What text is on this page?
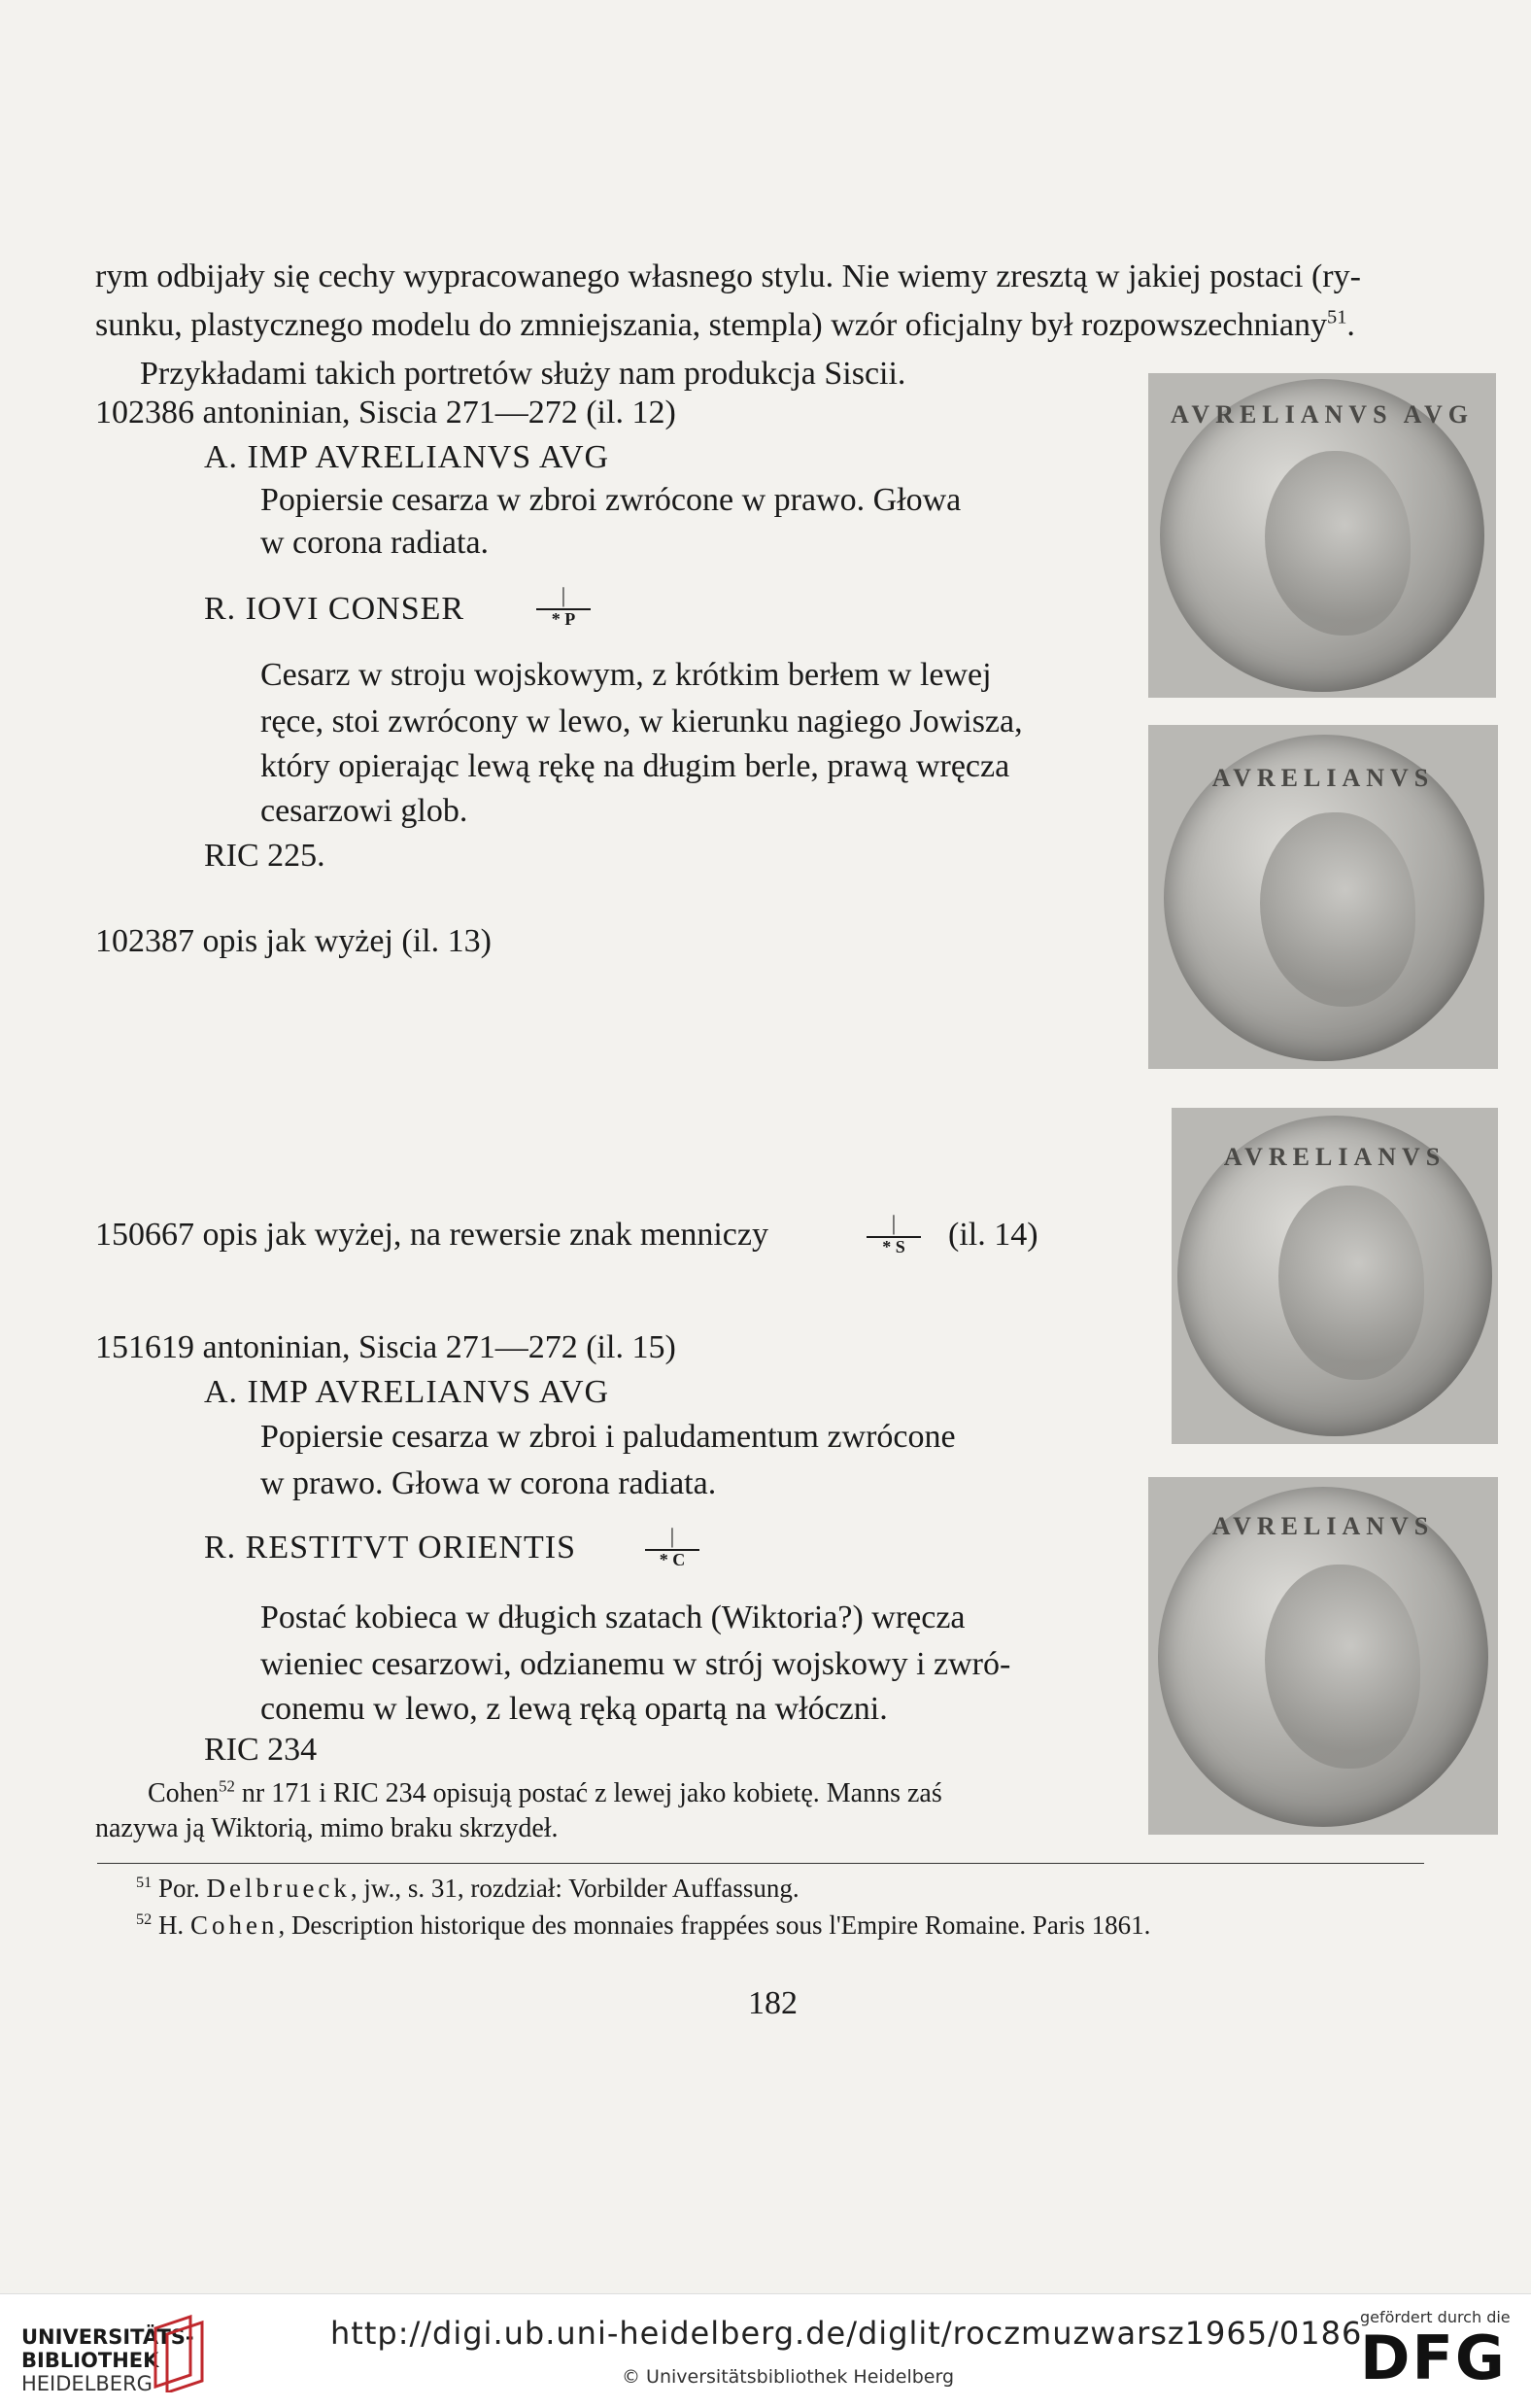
rym odbijały się cechy wypracowanego własnego stylu. Nie wiemy zresztą w jakiej postaci (ry-
sunku, plastycznego modelu do zmniejszania, stempla) wzór oficjalny był rozpowszechniany$^{51}$.
Przykładami takich portretów służy nam produkcja Siscii.
102386 antoninian, Siscia 271—272 (il. 12)
A. IMP AVRELIANVS AVG
Popiersie cesarza w zbroi zwrócone w prawo. Głowa
w corona radiata.
R. IOVI CONSER	|
* P
Cesarz w stroju wojskowym, z krótkim berłem w lewej
ręce, stoi zwrócony w lewo, w kierunku nagiego Jowisza,
który opierając lewą rękę na długim berle, prawą wręcza
cesarzowi glob.
RIC 225.
102387 opis jak wyżej (il. 13)
150667 opis jak wyżej, na rewersie znak menniczy	|
* S	(il. 14)
151619 antoninian, Siscia 271—272 (il. 15)
A. IMP AVRELIANVS AVG
Popiersie cesarza w zbroi i paludamentum zwrócone
w prawo. Głowa w corona radiata.
R. RESTITVT ORIENTIS	|
* C
Postać kobieca w długich szatach (Wiktoria?) wręcza
wieniec cesarzowi, odzianemu w strój wojskowy i zwró-
conemu w lewo, z lewą ręką opartą na włóczni.
RIC 234
Cohen$^{52}$ nr 171 i RIC 234 opisują postać z lewej jako kobietę. Manns zaś
nazywa ją Wiktorią, mimo braku skrzydeł.
$^{51}$ Por. Delbrueck, jw., s. 31, rozdział: Vorbilder Auffassung.
$^{52}$ H. Cohen, Description historique des monnaies frappées sous l'Empire Romaine. Paris 1861.
182
AVRELIANVS AVG
AVRELIANVS
AVRELIANVS
AVRELIANVS
UNIVERSITÄTS-
BIBLIOTHEK
HEIDELBERG
http://digi.ub.uni-heidelberg.de/diglit/roczmuzwarsz1965/0186
© Universitätsbibliothek Heidelberg
gefördert durch die
DFG
